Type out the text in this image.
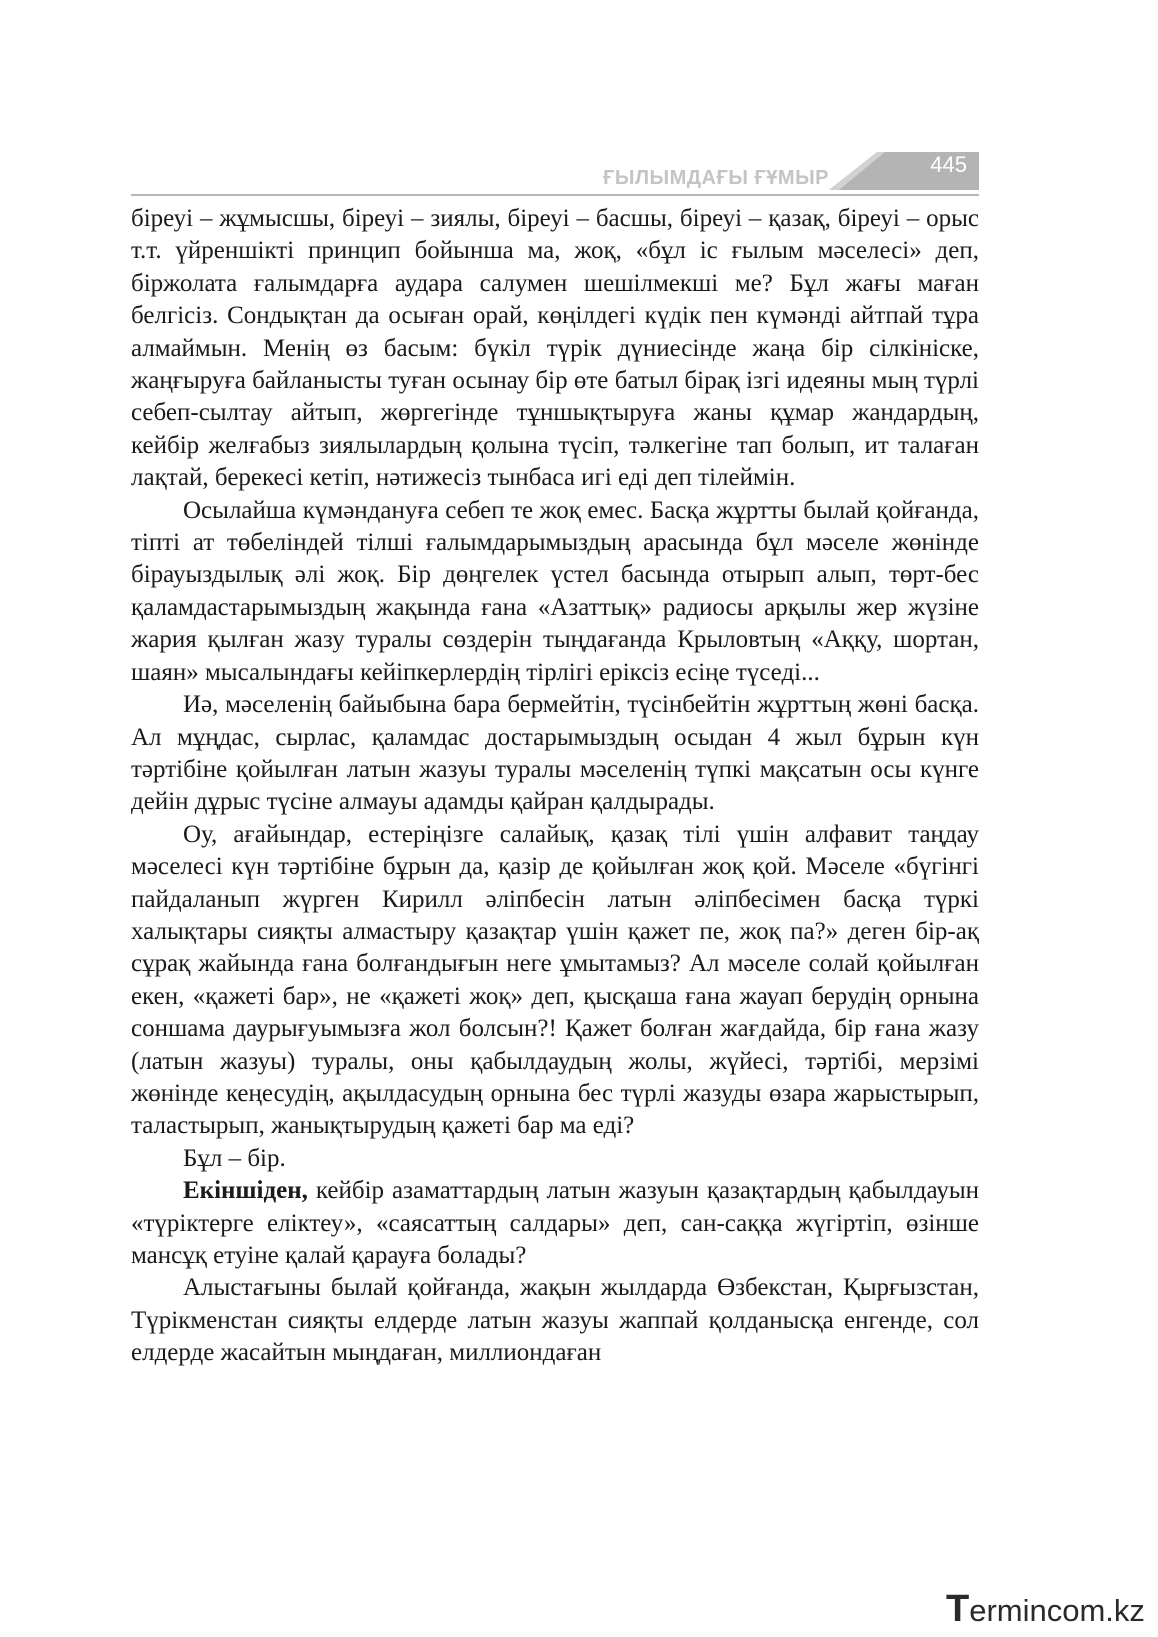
ҒЫЛЫМДАҒЫ ҒҰМЫР
445

біреуі – жұмысшы, біреуі – зиялы, біреуі – басшы, біреуі – қазақ, біреуі – орыс т.т. үйреншікті принцип бойынша ма, жоқ, «бұл іс ғылым мәселесі» деп, біржолата ғалымдарға аудара салумен шешілмекші ме? Бұл жағы маған белгісіз. Сондықтан да осыған орай, көңілдегі күдік пен күмәнді айтпай тұра алмаймын. Менің өз басым: бүкіл түрік дүниесінде жаңа бір сілкініске, жаңғыруға байланысты туған осынау бір өте батыл бірақ ізгі идеяны мың түрлі себеп-сылтау айтып, жөргегінде тұншықтыруға жаны құмар жандардың, кейбір желғабыз зиялылардың қолына түсіп, тәлкегіне тап болып, ит талаған лақтай, берекесі кетіп, нәтижесіз тынбаса игі еді деп тілеймін.

Осылайша күмәндануға себеп те жоқ емес. Басқа жұртты былай қойғанда, тіпті ат төбеліндей тілші ғалымдарымыздың арасында бұл мәселе жөнінде бірауыздылық әлі жоқ. Бір дөңгелек үстел басында отырып алып, төрт-бес қаламдастарымыздың жақында ғана «Азаттық» радиосы арқылы жер жүзіне жария қылған жазу туралы сөздерін тыңдағанда Крыловтың «Аққу, шортан, шаян» мысалындағы кейіпкерлердің тірлігі еріксіз есіңе түседі...

Иә, мәселенің байыбына бара бермейтін, түсінбейтін жұрттың жөні басқа. Ал мұңдас, сырлас, қаламдас достарымыздың осыдан 4 жыл бұрын күн тәртібіне қойылған латын жазуы туралы мәселенің түпкі мақсатын осы күнге дейін дұрыс түсіне алмауы адамды қайран қалдырады.

Оу, ағайындар, естеріңізге салайық, қазақ тілі үшін алфавит таңдау мәселесі күн тәртібіне бұрын да, қазір де қойылған жоқ қой. Мәселе «бүгінгі пайдаланып жүрген Кирилл әліпбесін латын әліпбесімен басқа түркі халықтары сияқты алмастыру қазақтар үшін қажет пе, жоқ па?» деген бір-ақ сұрақ жайында ғана болғандығын неге ұмытамыз? Ал мәселе солай қойылған екен, «қажеті бар», не «қажеті жоқ» деп, қысқаша ғана жауап берудің орнына соншама даурығуымызға жол болсын?! Қажет болған жағдайда, бір ғана жазу (латын жазуы) туралы, оны қабылдаудың жолы, жүйесі, тәртібі, мерзімі жөнінде кеңесудің, ақылдасудың орнына бес түрлі жазуды өзара жарыстырып, таластырып, жанықтырудың қажеті бар ма еді?

Бұл – бір.

Екіншіден, кейбір азаматтардың латын жазуын қазақтардың қабылдауын «түріктерге еліктеу», «саясаттың салдары» деп, сан-саққа жүгіртіп, өзінше мансұқ етуіне қалай қарауға болады?

Алыстағыны былай қойғанда, жақын жылдарда Өзбекстан, Қырғызстан, Түрікменстан сияқты елдерде латын жазуы жаппай қолданысқа енгенде, сол елдерде жасайтын мыңдаған, миллиондаған

Termincom.kz
